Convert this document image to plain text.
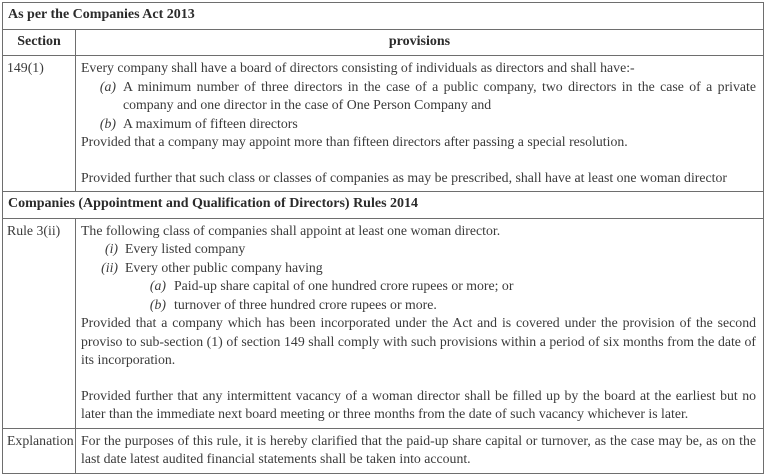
As per the Companies Act 2013	
Section	provisions
149(1)	Every company shall have a board of directors consisting of individuals as directors and shall have:-
(a) A minimum number of three directors in the case of a public company, two directors in the case of a private company and one director in the case of One Person Company and
(b) A maximum of fifteen directors
Provided that a company may appoint more than fifteen directors after passing a special resolution.
Provided further that such class or classes of companies as may be prescribed, shall have at least one woman director

Companies (Appointment and Qualification of Directors) Rules 2014	
Rule 3(ii)	The following class of companies shall appoint at least one woman director.
(i) Every listed company
(ii) Every other public company having
(a) Paid-up share capital of one hundred crore rupees or more; or
(b) turnover of three hundred crore rupees or more.
Provided that a company which has been incorporated under the Act and is covered under the provision of the second proviso to sub-section (1) of section 149 shall comply with such provisions within a period of six months from the date of its incorporation.
Provided further that any intermittent vacancy of a woman director shall be filled up by the board at the earliest but no later than the immediate next board meeting or three months from the date of such vacancy whichever is later.

Explanation	For the purposes of this rule, it is hereby clarified that the paid-up share capital or turnover, as the case may be, as on the last date latest audited financial statements shall be taken into account.
